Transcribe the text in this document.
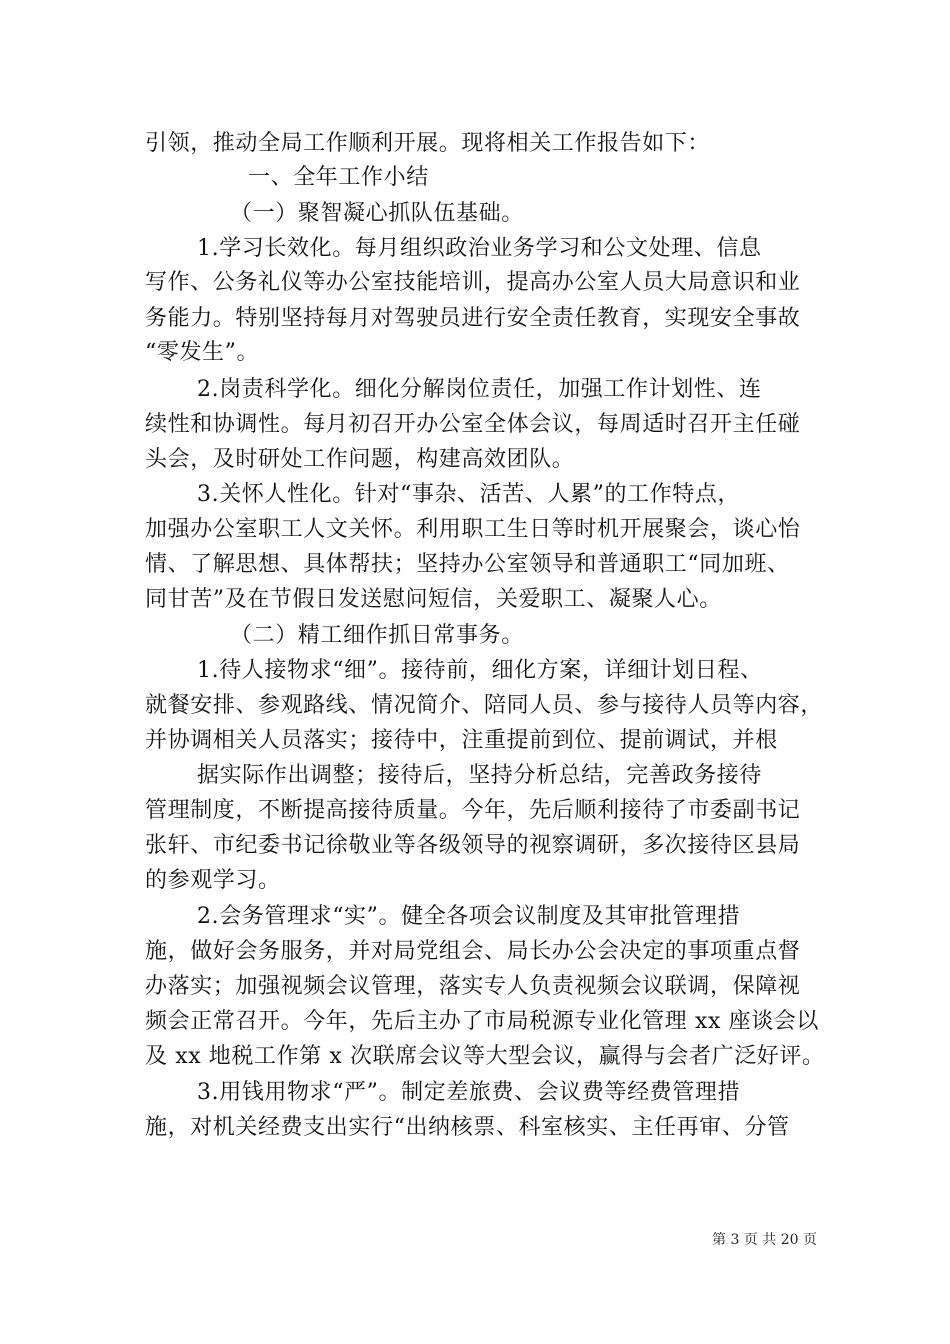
引领，推动全局工作顺利开展。现将相关工作报告如下：
一、全年工作小结
（一）聚智凝心抓队伍基础。
1.学习长效化。每月组织政治业务学习和公文处理、信息
写作、公务礼仪等办公室技能培训，提高办公室人员大局意识和业
务能力。特别坚持每月对驾驶员进行安全责任教育，实现安全事故
“零发生”。
2.岗责科学化。细化分解岗位责任，加强工作计划性、连
续性和协调性。每月初召开办公室全体会议，每周适时召开主任碰
头会，及时研处工作问题，构建高效团队。
3.关怀人性化。针对“事杂、活苦、人累”的工作特点，
加强办公室职工人文关怀。利用职工生日等时机开展聚会，谈心怡
情、了解思想、具体帮扶；坚持办公室领导和普通职工“同加班、
同甘苦”及在节假日发送慰问短信，关爱职工、凝聚人心。
（二）精工细作抓日常事务。
1.待人接物求“细”。接待前，细化方案，详细计划日程、
就餐安排、参观路线、情况简介、陪同人员、参与接待人员等内容，
并协调相关人员落实；接待中，注重提前到位、提前调试，并根
据实际作出调整；接待后，坚持分析总结，完善政务接待
管理制度，不断提高接待质量。今年，先后顺利接待了市委副书记
张轩、市纪委书记徐敬业等各级领导的视察调研，多次接待区县局
的参观学习。
2.会务管理求“实”。健全各项会议制度及其审批管理措
施，做好会务服务，并对局党组会、局长办公会决定的事项重点督
办落实；加强视频会议管理，落实专人负责视频会议联调，保障视
频会正常召开。今年，先后主办了市局税源专业化管理 xx 座谈会以
及 xx 地税工作第 x 次联席会议等大型会议，赢得与会者广泛好评。
3.用钱用物求“严”。制定差旅费、会议费等经费管理措
施，对机关经费支出实行“出纳核票、科室核实、主任再审、分管
第 3 页 共 20 页
